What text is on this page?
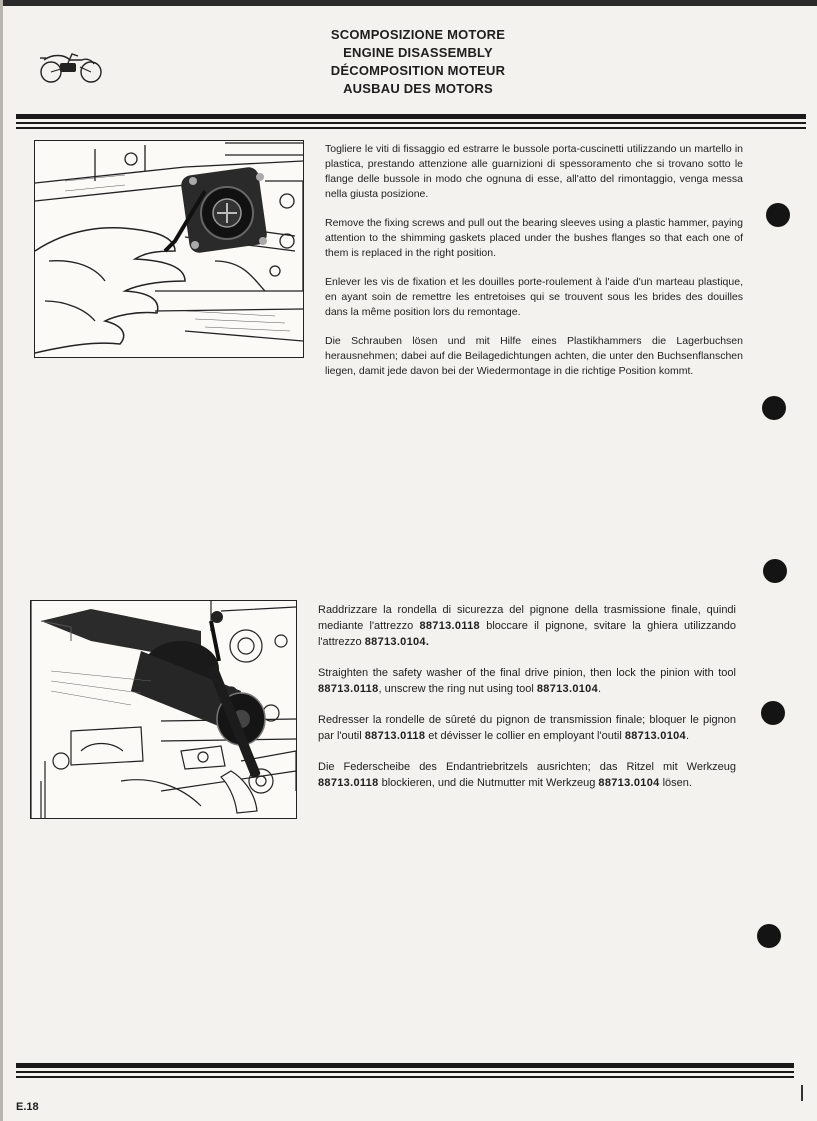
SCOMPOSIZIONE MOTORE
ENGINE DISASSEMBLY
DÉCOMPOSITION MOTEUR
AUSBAU DES MOTORS

Togliere le viti di fissaggio ed estrarre le bussole porta-cuscinetti utilizzando un martello in plastica, prestando attenzione alle guarnizioni di spessoramento che si trovano sotto le flange delle bussole in modo che ognuna di esse, all'atto del rimontaggio, venga messa nella giusta posizione.

Remove the fixing screws and pull out the bearing sleeves using a plastic hammer, paying attention to the shimming gaskets placed under the bushes flanges so that each one of them is replaced in the right position.

Enlever les vis de fixation et les douilles porte-roulement à l'aide d'un marteau plastique, en ayant soin de remettre les entretoises qui se trouvent sous les brides des douilles dans la même position lors du remontage.

Die Schrauben lösen und mit Hilfe eines Plastikhammers die Lagerbuchsen herausnehmen; dabei auf die Beilagedichtungen achten, die unter den Buchsenflanschen liegen, damit jede davon bei der Wiedermontage in die richtige Position kommt.

Raddrizzare la rondella di sicurezza del pignone della trasmissione finale, quindi mediante l'attrezzo 88713.0118 bloccare il pignone, svitare la ghiera utilizzando l'attrezzo 88713.0104.

Straighten the safety washer of the final drive pinion, then lock the pinion with tool 88713.0118, unscrew the ring nut using tool 88713.0104.

Redresser la rondelle de sûreté du pignon de transmission finale; bloquer le pignon par l'outil 88713.0118 et dévisser le collier en employant l'outil 88713.0104.

Die Federscheibe des Endantriebritzels ausrichten; das Ritzel mit Werkzeug 88713.0118 blockieren, und die Nutmutter mit Werkzeug 88713.0104 lösen.

E.18
